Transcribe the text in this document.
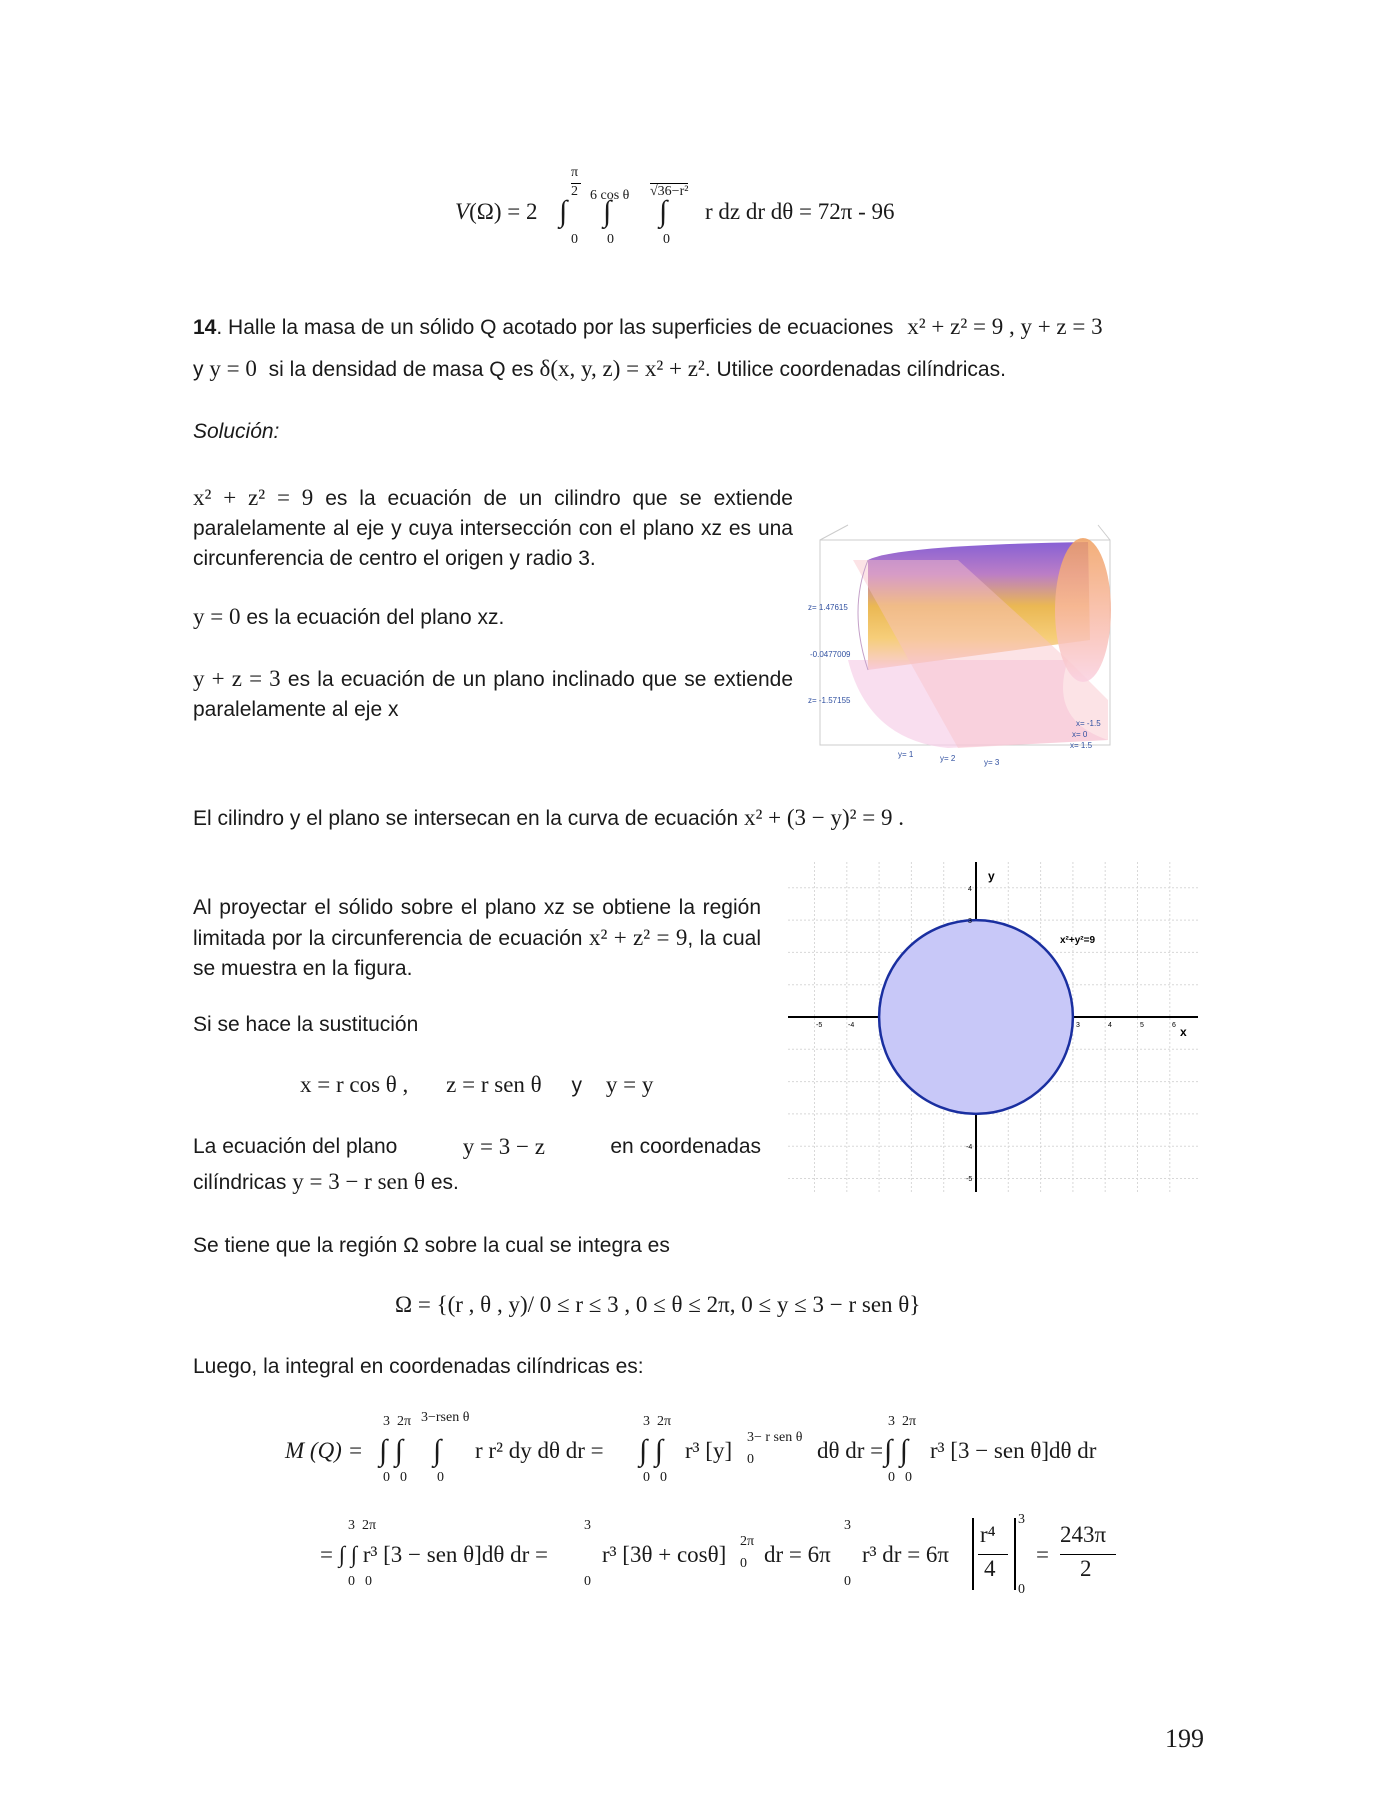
π
2 6 cos θ √36−r²
V(Ω) = 2 ∫ ∫ ∫
0 0	0
r dz dr dθ = 72π - 96
14. Halle la masa de un sólido Q acotado por las superficies de ecuaciones x² + z² = 9 , y + z = 3
y y = 0 si la densidad de masa Q es δ(x, y, z) = x² + z². Utilice coordenadas cilíndricas.
Solución:
x² + z² = 9 es la ecuación de un cilindro que se extiende paralelamente al eje y cuya intersección con el plano xz es una circunferencia de centro el origen y radio 3.
y = 0 es la ecuación del plano xz.
y + z = 3 es la ecuación de un plano inclinado que se extiende paralelamente al eje x
z= 1.47615
-0.0477009
z= -1.57155
x= -1.5
x= 0
x= 1.5
y= 1	y= 2	y= 3
El cilindro y el plano se intersecan en la curva de ecuación x² + (3 − y)² = 9 .
Al proyectar el sólido sobre el plano xz se obtiene la región limitada por la circunferencia de ecuación x² + z² = 9, la cual se muestra en la figura.
y
x
x²+y²=9
-5	-4	3	4	5	6
4
3
-4
-5
Si se hace la sustitución
x = r cos θ , z = r sen θ y y = y
La ecuación del plano	y = 3 − z	en coordenadas
cilíndricas y = 3 − r sen θ es.
Se tiene que la región Ω sobre la cual se integra es
Ω = {(r , θ , y)/ 0 ≤ r ≤ 3 , 0 ≤ θ ≤ 2π, 0 ≤ y ≤ 3 − r sen θ}
Luego, la integral en coordenadas cilíndricas es:
M (Q) =
3 2π 3−rsen θ
∫ ∫ ∫
0 0 0
r r² dy dθ dr =
3 2π
∫ ∫
0 0
r³ [y]
3− r sen θ
0	dθ dr =
3 2π
∫ ∫
0 0
r³ [3 − sen θ]dθ dr
3 2π	3	3
0 0	0	0
= ∫ ∫ r³ [3 − sen θ]dθ dr = r³ [3θ + cosθ]
2π
0 dr = 6π r³ dr = 6π
r⁴
4
3
0
=
243π
2
199
